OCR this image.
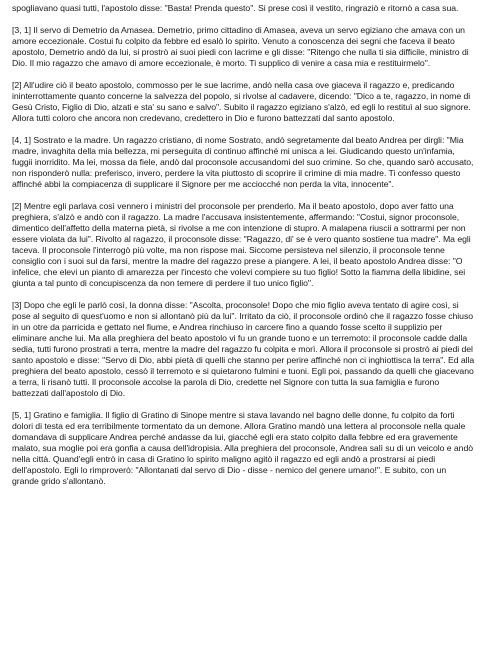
spogliavano quasi tutti, l'apostolo disse: "Basta! Prenda questo". Si prese così il vestito, ringraziò e ritornò a casa sua.

[3, 1] Il servo di Demetrio da Amasea. Demetrio, primo cittadino di Amasea, aveva un servo egiziano che amava con un amore eccezionale. Costui fu colpito da febbre ed esalò lo spirito. Venuto a conoscenza dei segni che faceva il beato apostolo, Demetrio andò da lui, si prostrò ai suoi piedi con lacrime e gli disse: "Ritengo che nulla ti sia difficile, ministro di Dio. Il mio ragazzo che amavo di amore eccezionale, è morto. Ti supplico di venire a casa mia e restituirmelo".

[2] All'udire ciò il beato apostolo, commosso per le sue lacrime, andò nella casa ove giaceva il ragazzo e, predicando ininterrottamente quanto concerne la salvezza del popolo, si rivolse al cadavere, dicendo: "Dico a te, ragazzo, in nome di Gesù Cristo, Figlio di Dio, alzati e sta' su sano e salvo". Subito il ragazzo egiziano s'alzò, ed egli lo restituì al suo signore. Allora tutti coloro che ancora non credevano, credettero in Dio e furono battezzati dal santo apostolo.

[4, 1] Sostrato e la madre. Un ragazzo cristiano, di nome Sostrato, andò segretamente dal beato Andrea per dirgli: "Mia madre, invaghita della mia bellezza, mi perseguita di continuo affinché mi unisca a lei. Giudicando questo un'infamia, fuggii inorridito. Ma lei, mossa da fiele, andò dal proconsole accusandomi del suo crimine. So che, quando sarò accusato, non risponderò nulla: preferisco, invero, perdere la vita piuttosto di scoprire il crimine di mia madre. Ti confesso questo affinché abbi la compiacenza di supplicare il Signore per me acciocché non perda la vita, innocente".

[2] Mentre egli parlava così vennero i ministri del proconsole per prenderlo. Ma il beato apostolo, dopo aver fatto una preghiera, s'alzò e andò con il ragazzo. La madre l'accusava insistentemente, affermando: "Costui, signor proconsole, dimentico dell'affetto della materna pietà, si rivolse a me con intenzione di stupro. A malapena riuscii a sottrarmi per non essere violata da lui". Rivolto al ragazzo, il proconsole disse: "Ragazzo, di' se è vero quanto sostiene tua madre". Ma egli taceva. Il proconsole l'interrogò più volte, ma non rispose mai. Siccome persisteva nel silenzio, il proconsole tenne consiglio con i suoi sul da farsi, mentre la madre del ragazzo prese a piangere. A lei, il beato apostolo Andrea disse: "O infelice, che elevi un pianto di amarezza per l'incesto che volevi compiere su tuo figlio! Sotto la fiamma della libidine, sei giunta a tal punto di concupiscenza da non temere di perdere il tuo unico figlio".

[3] Dopo che egli le parlò così, la donna disse: "Ascolta, proconsole! Dopo che mio figlio aveva tentato di agire così, si pose al seguito di quest'uomo e non si allontanò più da lui". Irritato da ciò, il proconsole ordinò che il ragazzo fosse chiuso in un otre da parricida e gettato nel fiume, e Andrea rinchiuso in carcere fino a quando fosse scelto il supplizio per eliminare anche lui. Ma alla preghiera del beato apostolo vi fu un grande tuono e un terremoto: il proconsole cadde dalla sedia, tutti furono prostrati a terra, mentre la madre del ragazzo fu colpita e morì. Allora il proconsole si prostrò ai piedi del santo apostolo e disse: "Servo di Dio, abbi pietà di quelli che stanno per perire affinché non ci inghiottisca la terra". Ed alla preghiera del beato apostolo, cessò il terremoto e si quietarono fulmini e tuoni. Egli poi, passando da quelli che giacevano a terra, li risanò tutti. Il proconsole accolse la parola di Dio, credette nel Signore con tutta la sua famiglia e furono battezzati dall'apostolo di Dio.

[5, 1] Gratino e famiglia. Il figlio di Gratino di Sinope mentre si stava lavando nel bagno delle donne, fu colpito da forti dolori di testa ed era terribilmente tormentato da un demone. Allora Gratino mandò una lettera al proconsole nella quale domandava di supplicare Andrea perché andasse da lui, giacché egli era stato colpito dalla febbre ed era gravemente malato, sua moglie poi era gonfia a causa dell'idropisia. Alla preghiera del proconsole, Andrea salì su di un veicolo e andò nella città. Quand'egli entrò in casa di Gratino lo spirito maligno agitò il ragazzo ed egli andò a prostrarsi ai piedi dell'apostolo. Egli lo rimproverò: "Allontanati dal servo di Dio - disse - nemico del genere umano!". E subito, con un grande grido s'allontanò.
